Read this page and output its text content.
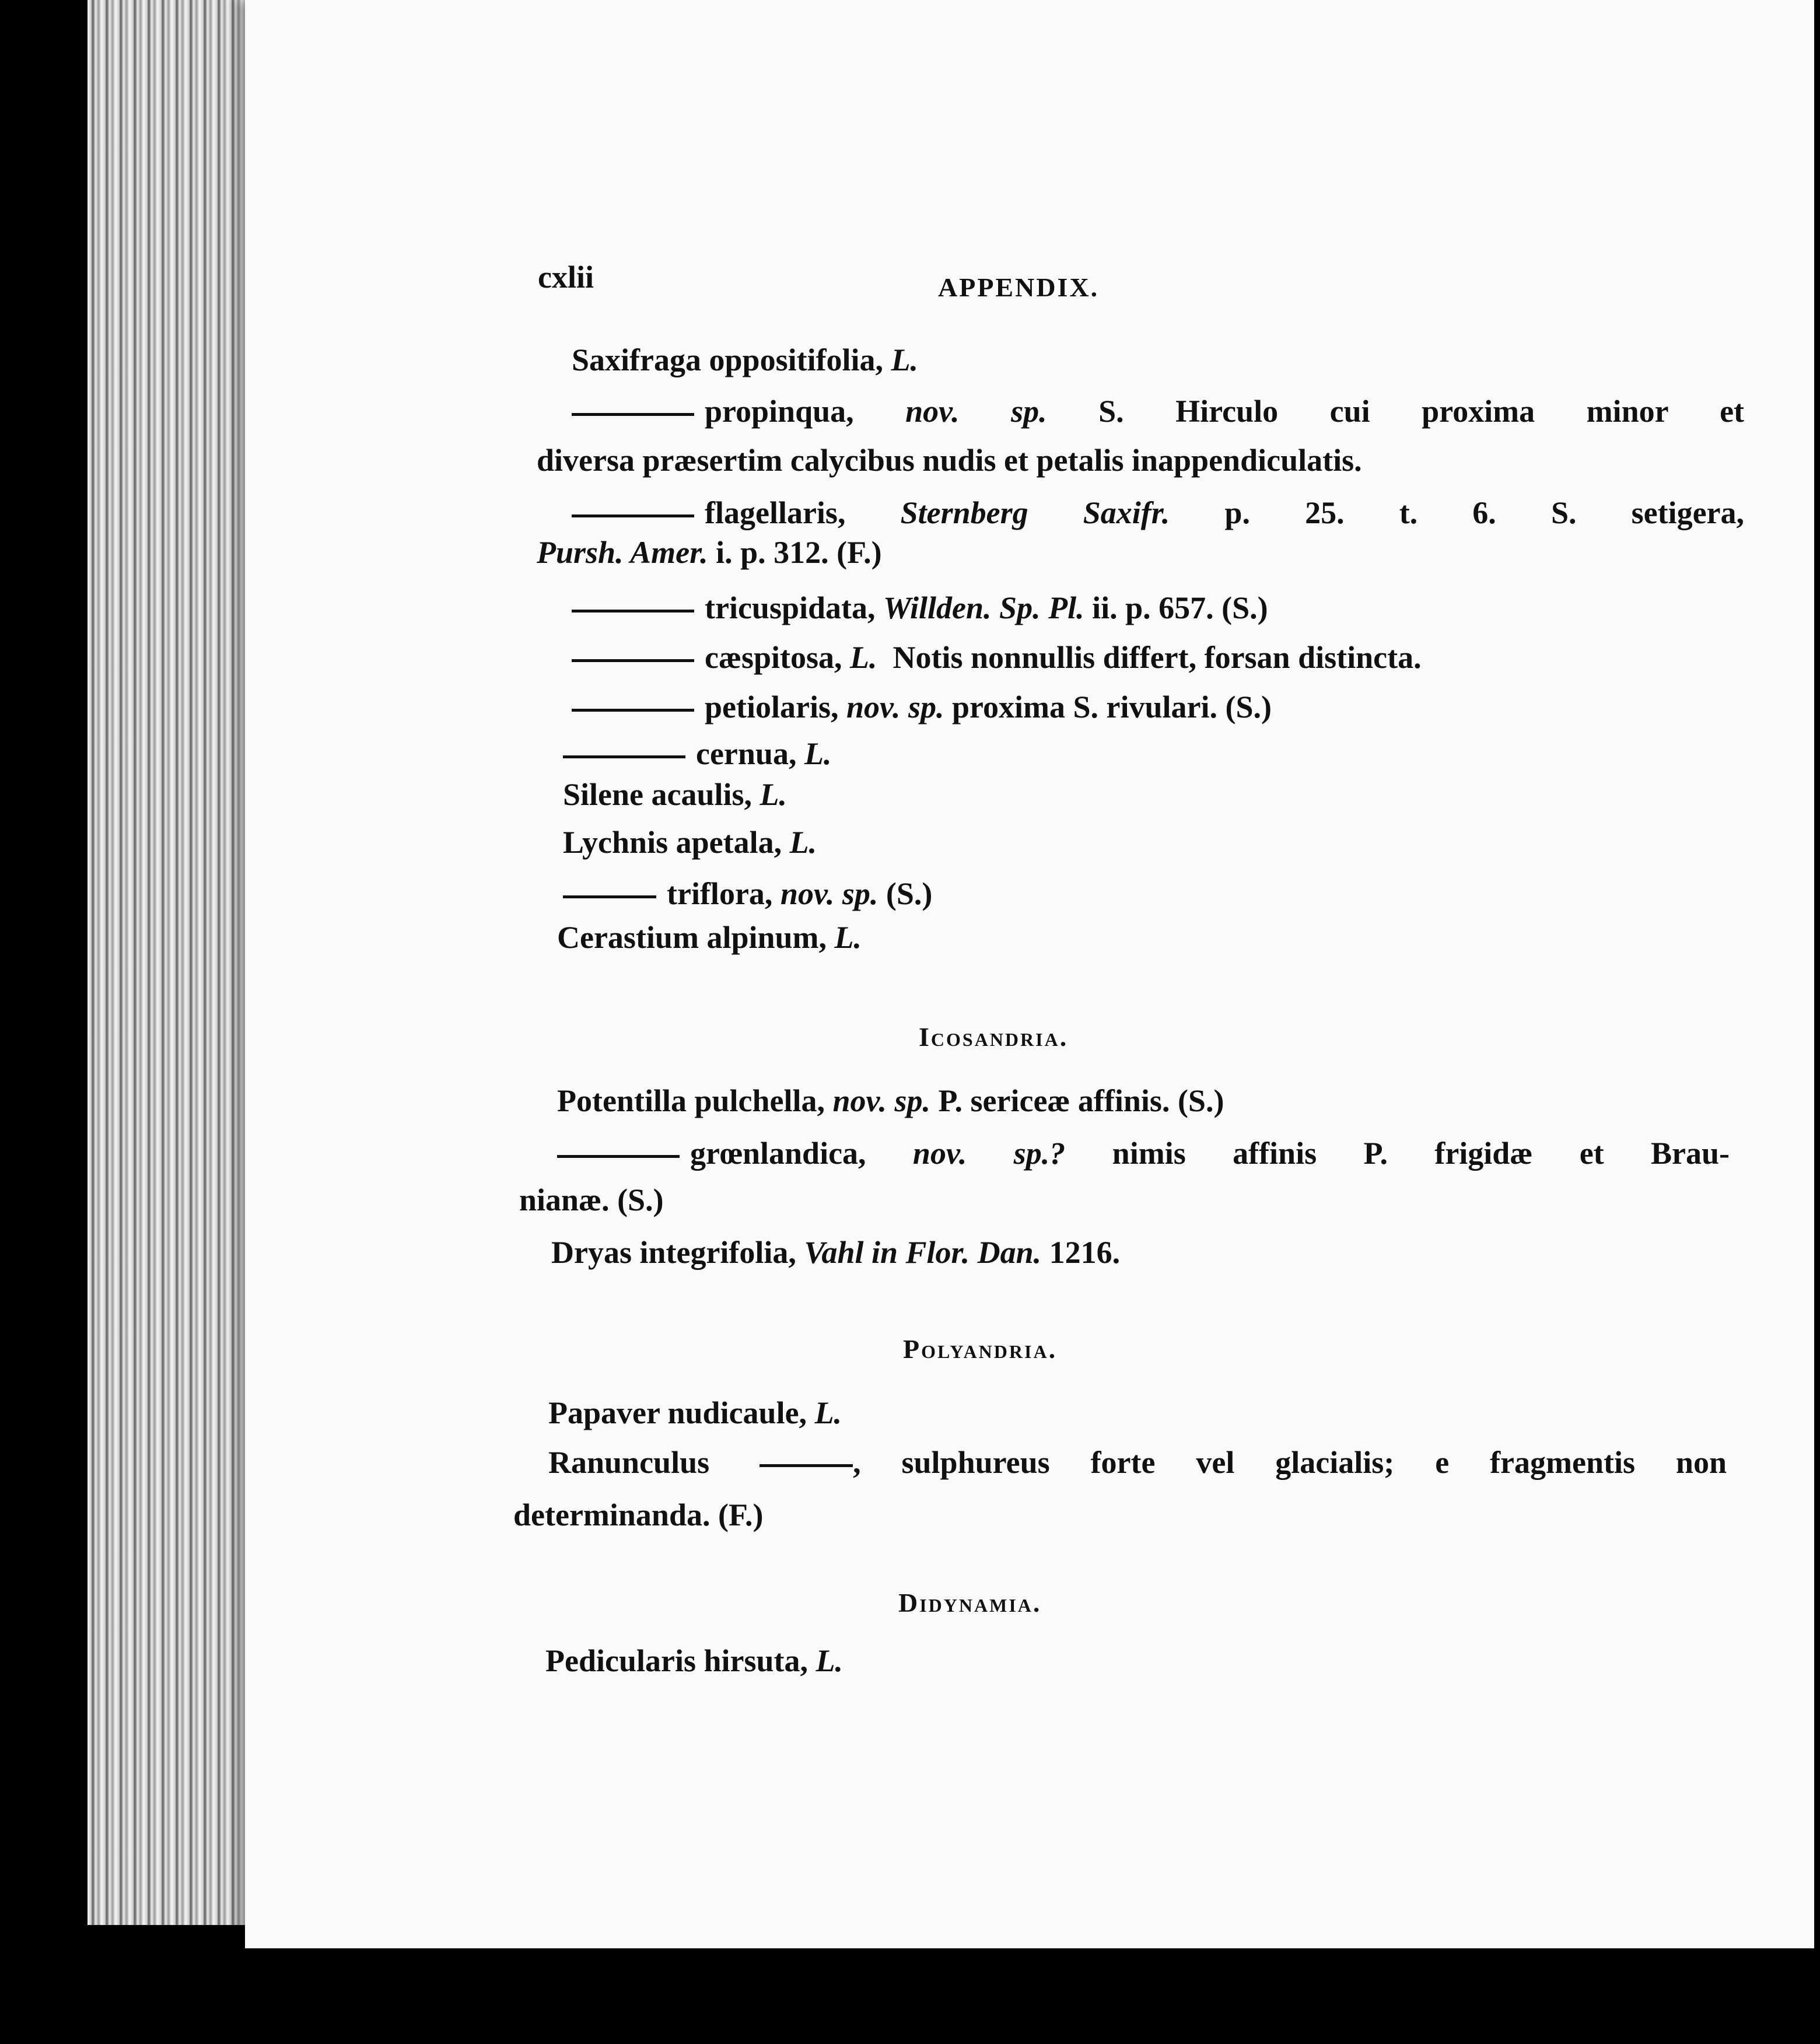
cxlii	APPENDIX.
Saxifraga oppositifolia, L.
propinqua, nov. sp. S. Hirculo cui proxima minor et
diversa præsertim calycibus nudis et petalis inappendiculatis.
flagellaris, Sternberg Saxifr. p. 25. t. 6. S. setigera,
Pursh. Amer. i. p. 312. (F.)
tricuspidata, Willden. Sp. Pl. ii. p. 657. (S.)
cæspitosa, L. Notis nonnullis differt, forsan distincta.
petiolaris, nov. sp. proxima S. rivulari. (S.)
cernua, L.
Silene acaulis, L.
Lychnis apetala, L.
triflora, nov. sp. (S.)
Cerastium alpinum, L.
Icosandria.
Potentilla pulchella, nov. sp. P. sericeæ affinis. (S.)
grœnlandica, nov. sp.? nimis affinis P. frigidæ et Brau-
nianæ. (S.)
Dryas integrifolia, Vahl in Flor. Dan. 1216.
Polyandria.
Papaver nudicaule, L.
Ranunculus	, sulphureus forte vel glacialis; e fragmentis non
determinanda. (F.)
Didynamia.
Pedicularis hirsuta, L.
